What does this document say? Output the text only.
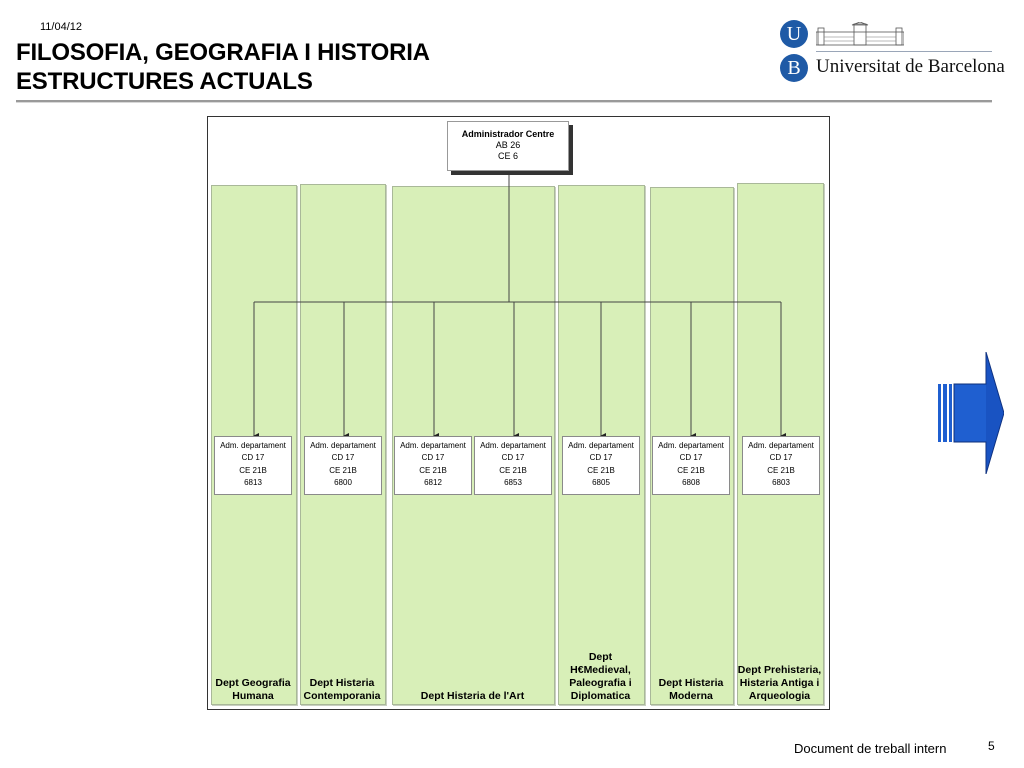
11/04/12
FILOSOFIA, GEOGRAFIA I HISTORIA
ESTRUCTURES ACTUALS
U
B Universitat de Barcelona
Administrador Centre
AB 26
CE 6
Adm. departament
CD 17
CE 21B
6813
Adm. departament
CD 17
CE 21B
6800
Adm. departament
CD 17
CE 21B
6812
Adm. departament
CD 17
CE 21B
6853
Adm. departament
CD 17
CE 21B
6805
Adm. departament
CD 17
CE 21B
6808
Adm. departament
CD 17
CE 21B
6803
Dept Geografia
Humana
Dept Histƨria
Contemporania	Dept Histƨria de l'Art
Dept
H€Medieval,
Paleografia i
Diplomatica
Dept Histƨria
Moderna
Dept Prehistƨria,
Histƨria Antiga i
Arqueologia
Document de treball intern	5
